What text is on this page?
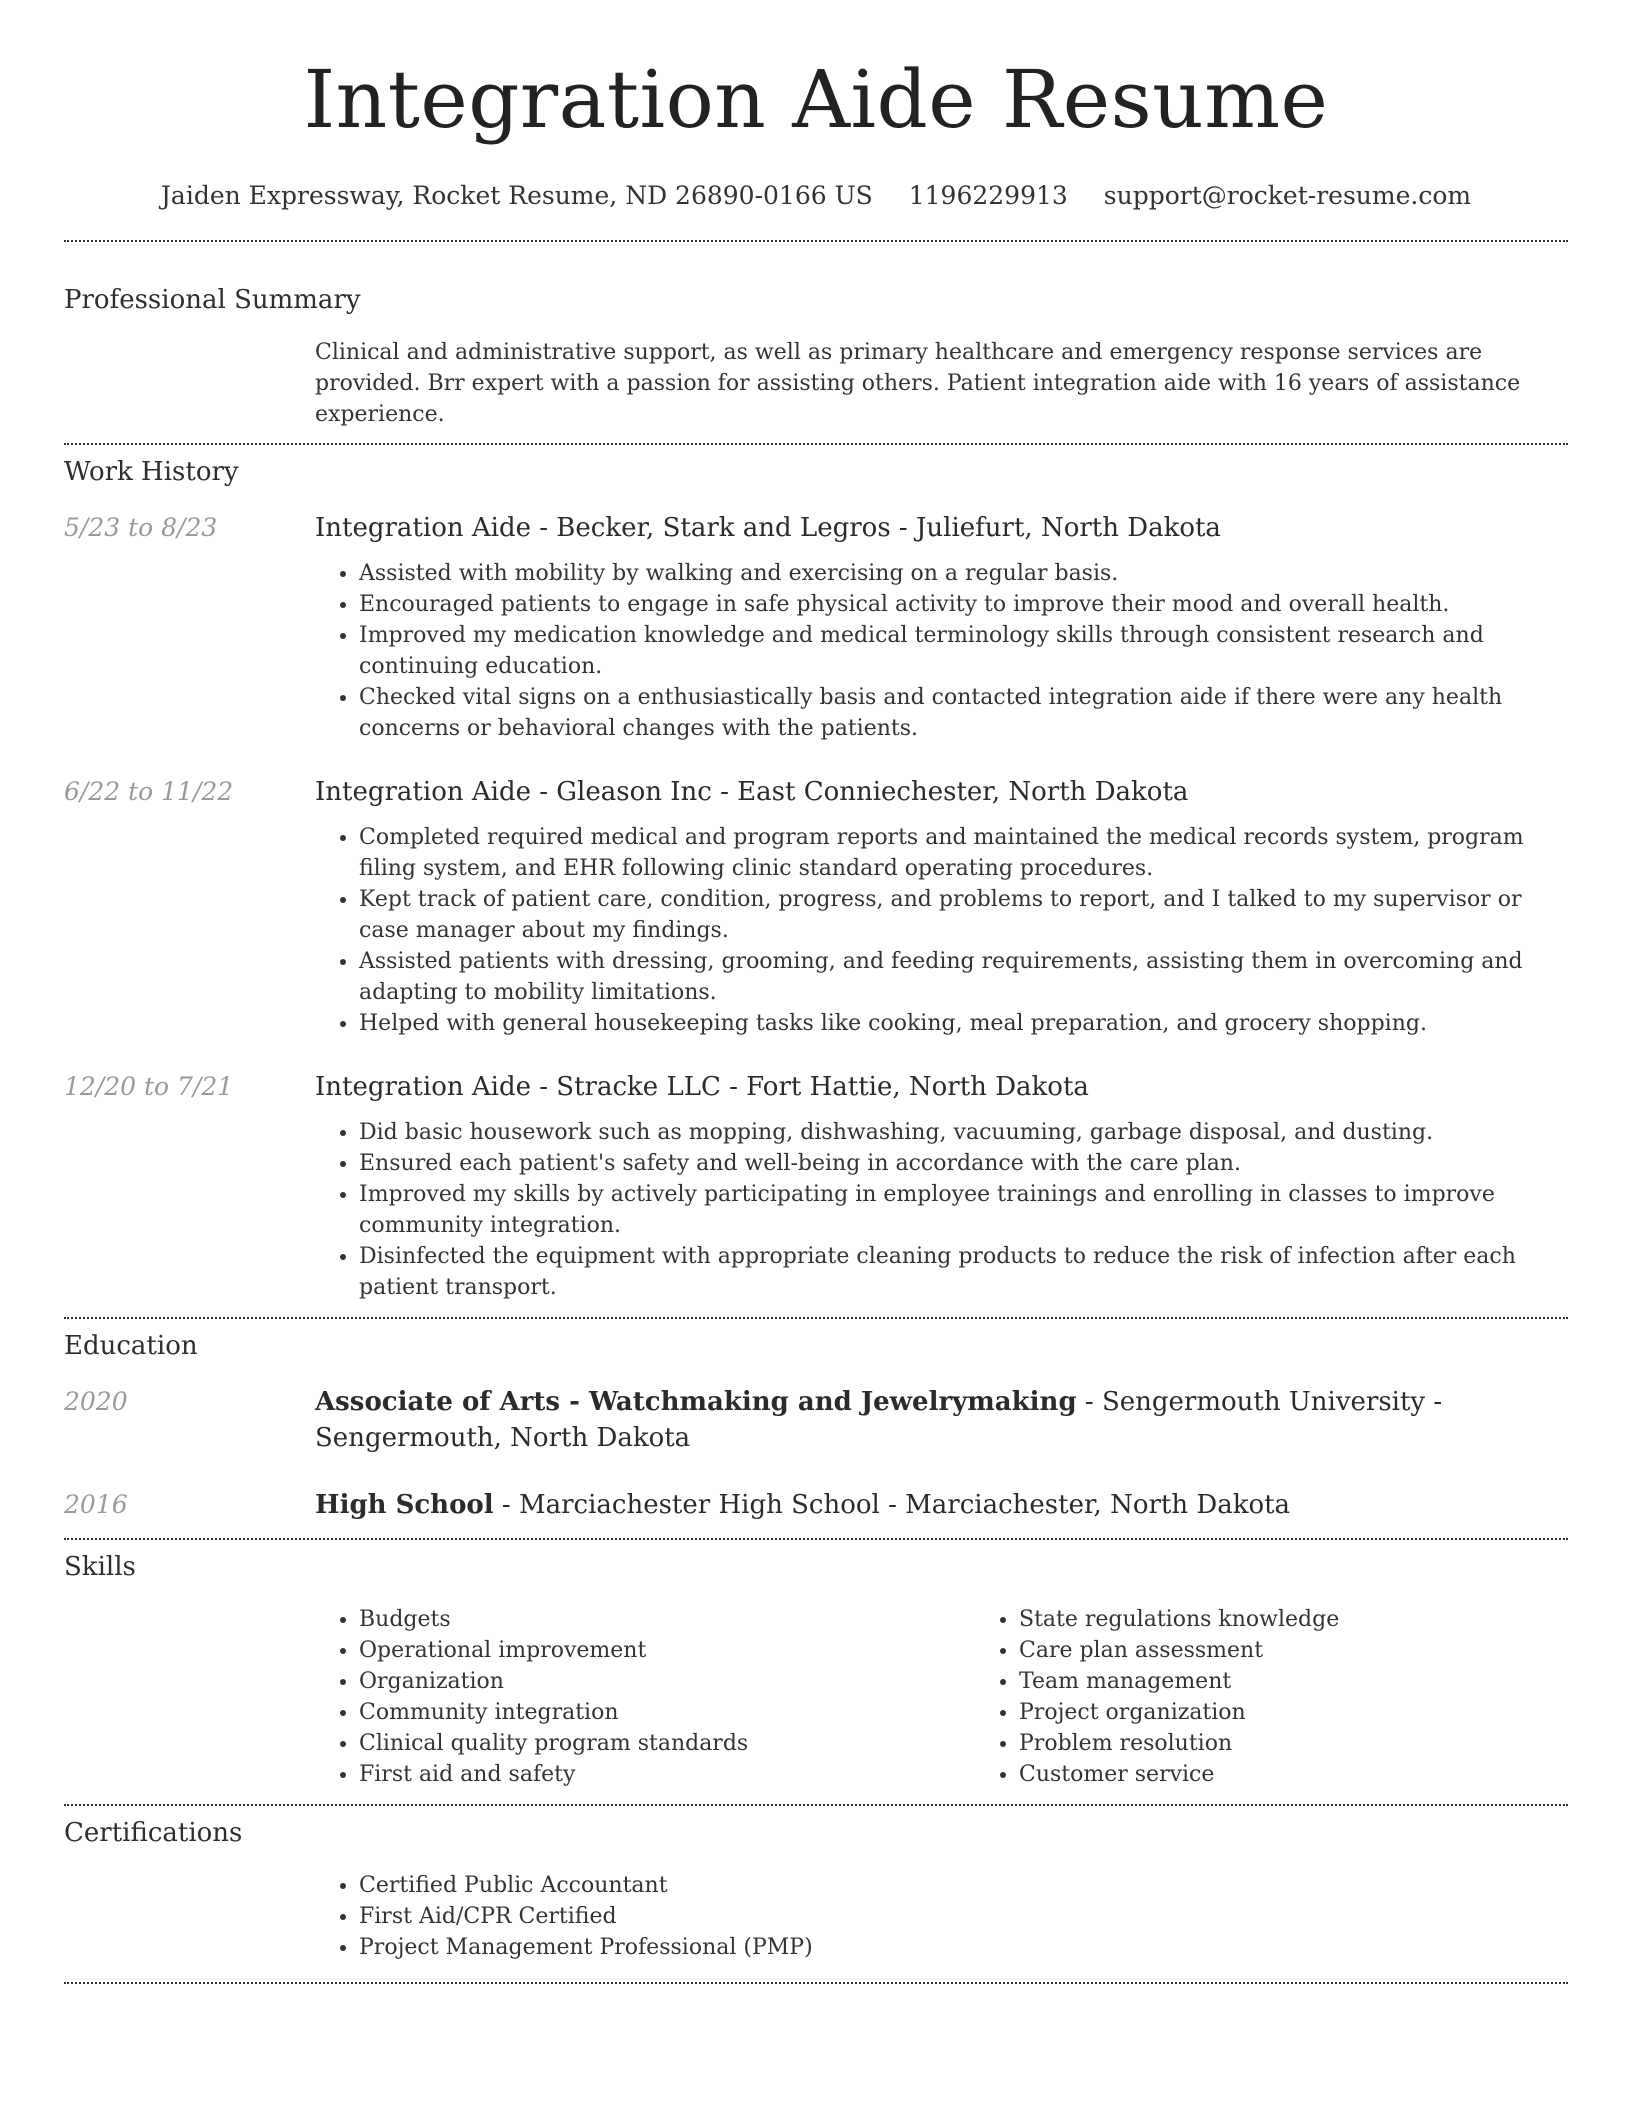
Integration Aide Resume
Jaiden Expressway, Rocket Resume, ND 26890-0166 US 1196229913 support@rocket-resume.com
Professional Summary
Clinical and administrative support, as well as primary healthcare and emergency response services are provided. Brr expert with a passion for assisting others. Patient integration aide with 16 years of assistance experience.
Work History
5/23 to 8/23	Integration Aide - Becker, Stark and Legros - Juliefurt, North Dakota
• Assisted with mobility by walking and exercising on a regular basis.
• Encouraged patients to engage in safe physical activity to improve their mood and overall health.
• Improved my medication knowledge and medical terminology skills through consistent research and continuing education.
• Checked vital signs on a enthusiastically basis and contacted integration aide if there were any health concerns or behavioral changes with the patients.
6/22 to 11/22	Integration Aide - Gleason Inc - East Conniechester, North Dakota
• Completed required medical and program reports and maintained the medical records system, program filing system, and EHR following clinic standard operating procedures.
• Kept track of patient care, condition, progress, and problems to report, and I talked to my supervisor or case manager about my findings.
• Assisted patients with dressing, grooming, and feeding requirements, assisting them in overcoming and adapting to mobility limitations.
• Helped with general housekeeping tasks like cooking, meal preparation, and grocery shopping.
12/20 to 7/21	Integration Aide - Stracke LLC - Fort Hattie, North Dakota
• Did basic housework such as mopping, dishwashing, vacuuming, garbage disposal, and dusting.
• Ensured each patient's safety and well-being in accordance with the care plan.
• Improved my skills by actively participating in employee trainings and enrolling in classes to improve community integration.
• Disinfected the equipment with appropriate cleaning products to reduce the risk of infection after each patient transport.
Education
2020	Associate of Arts - Watchmaking and Jewelrymaking - Sengermouth University - Sengermouth, North Dakota
2016	High School - Marciachester High School - Marciachester, North Dakota
Skills
• Budgets
• Operational improvement
• Organization
• Community integration
• Clinical quality program standards
• First aid and safety
• State regulations knowledge
• Care plan assessment
• Team management
• Project organization
• Problem resolution
• Customer service
Certifications
• Certified Public Accountant
• First Aid/CPR Certified
• Project Management Professional (PMP)
